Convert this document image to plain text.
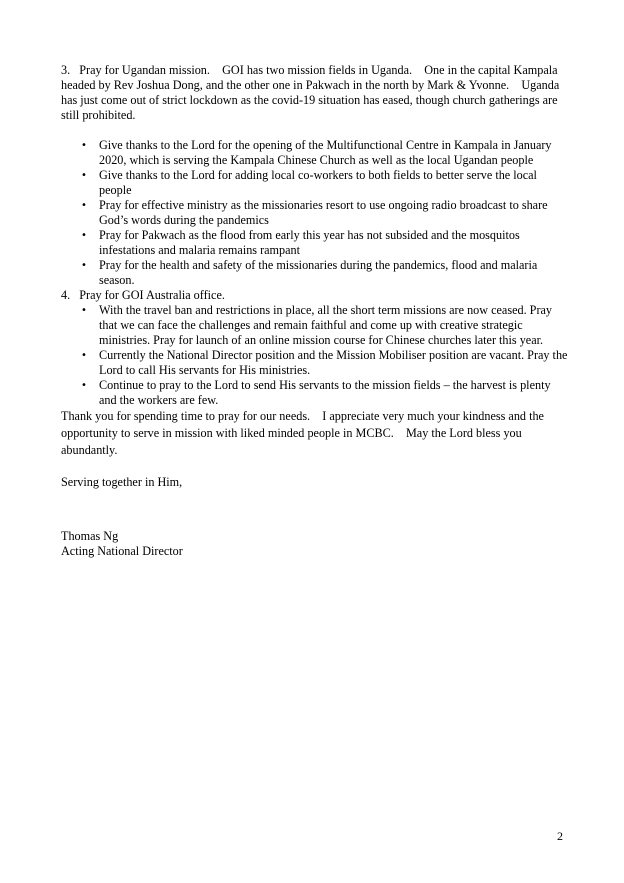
3.   Pray for Ugandan mission.    GOI has two mission fields in Uganda.    One in the capital Kampala headed by Rev Joshua Dong, and the other one in Pakwach in the north by Mark & Yvonne.    Uganda has just come out of strict lockdown as the covid-19 situation has eased, though church gatherings are still prohibited.

• Give thanks to the Lord for the opening of the Multifunctional Centre in Kampala in January 2020, which is serving the Kampala Chinese Church as well as the local Ugandan people
• Give thanks to the Lord for adding local co-workers to both fields to better serve the local people
• Pray for effective ministry as the missionaries resort to use ongoing radio broadcast to share God’s words during the pandemics
• Pray for Pakwach as the flood from early this year has not subsided and the mosquitos infestations and malaria remains rampant
• Pray for the health and safety of the missionaries during the pandemics, flood and malaria season.

4.   Pray for GOI Australia office.

• With the travel ban and restrictions in place, all the short term missions are now ceased. Pray that we can face the challenges and remain faithful and come up with creative strategic ministries. Pray for launch of an online mission course for Chinese churches later this year.
• Currently the National Director position and the Mission Mobiliser position are vacant. Pray the Lord to call His servants for His ministries.
• Continue to pray to the Lord to send His servants to the mission fields – the harvest is plenty and the workers are few.

Thank you for spending time to pray for our needs.    I appreciate very much your kindness and the opportunity to serve in mission with liked minded people in MCBC.    May the Lord bless you abundantly.

Serving together in Him,

Thomas Ng

Acting National Director

2
